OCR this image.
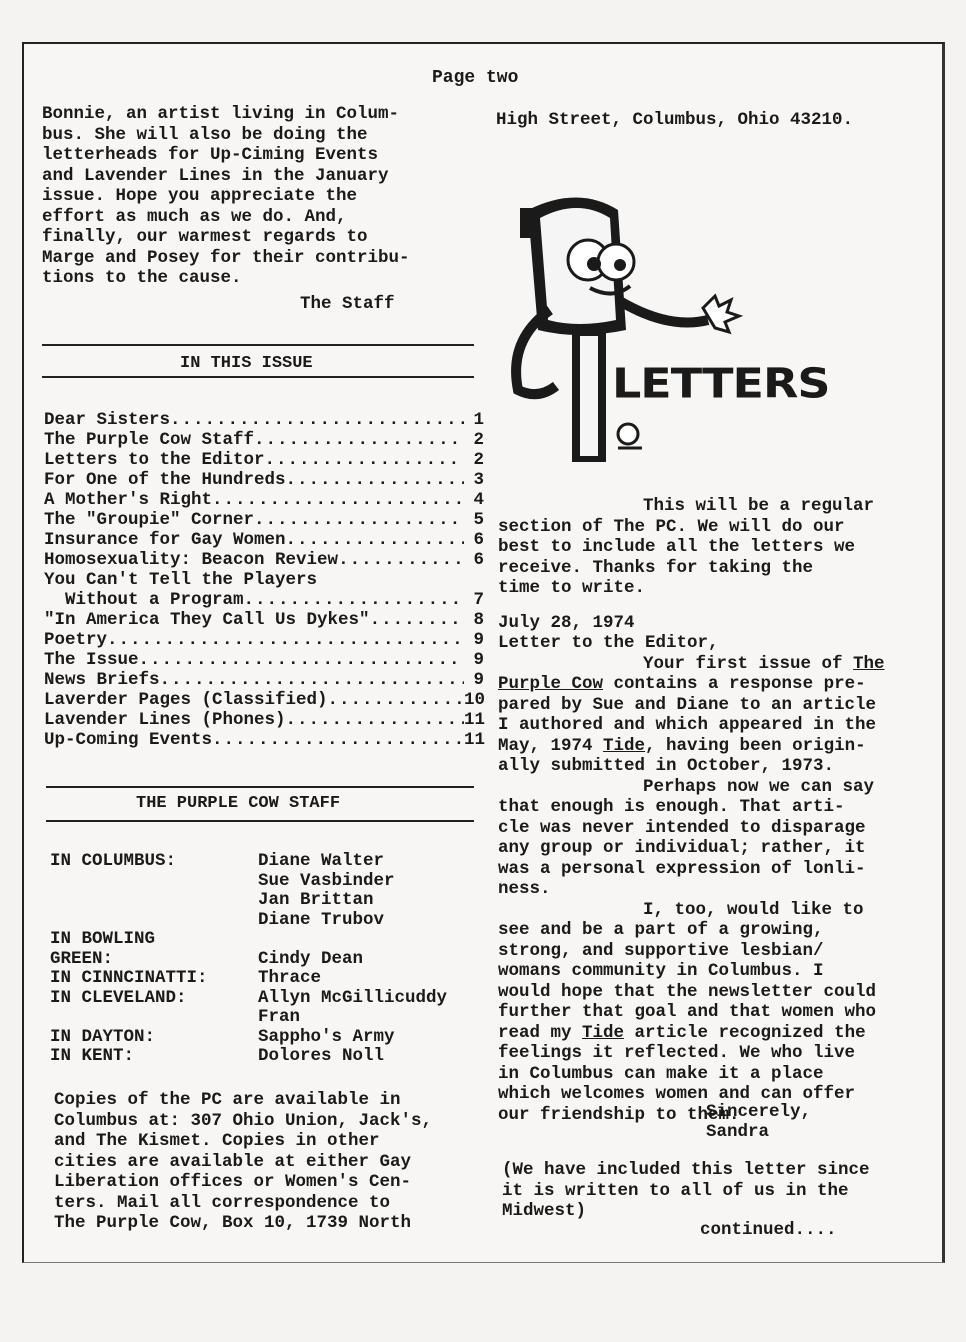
Page two

Bonnie, an artist living in Colum-
bus. She will also be doing the
letterheads for Up-Ciming Events
and Lavender Lines in the January
issue. Hope you appreciate the
effort as much as we do. And,
finally, our warmest regards to
Marge and Posey for their contribu-
tions to the cause.

The Staff
IN THIS ISSUE
Dear Sisters .....	1
The Purple Cow Staff .....	2
Letters to the Editor .....	2
For One of the Hundreds .....	3
A Mother's Right .....	4
The "Groupie" Corner .....	5
Insurance for Gay Women .....	6
Homosexuality: Beacon Review .....	6
You Can't Tell the Players
Without a Program .....	7
"In America They Call Us Dykes" .....	8
Poetry .....	9
The Issue .....	9
News Briefs .....	9
Laverder Pages (Classified) .....	10
Lavender Lines (Phones) .....	11
Up-Coming Events .....	11
THE PURPLE COW STAFF
IN COLUMBUS:	Diane Walter
Sue Vasbinder
Jan Brittan
Diane Trubov
IN BOWLING
GREEN:	
Cindy Dean
IN CINNCINATTI:	Thrace
IN CLEVELAND:	Allyn McGillicuddy
Fran
IN DAYTON:	Sappho's Army
IN KENT:	Dolores Noll

Copies of the PC are available in
Columbus at: 307 Ohio Union, Jack's,
and The Kismet. Copies in other
cities are available at either Gay
Liberation offices or Women's Cen-
ters. Mail all correspondence to
The Purple Cow, Box 10, 1739 North

High Street, Columbus, Ohio 43210.

LETTERS

This will be a regular
section of The PC. We will do our
best to include all the letters we
receive. Thanks for taking the
time to write.

July 28, 1974

Letter to the Editor,

Your first issue of The Purple Cow contains a response pre-
pared by Sue and Diane to an article
I authored and which appeared in the
May, 1974 Tide, having been origin-
ally submitted in October, 1973.

Perhaps now we can say
that enough is enough. That arti-
cle was never intended to disparage
any group or individual; rather, it
was a personal expression of lonli-
ness.

I, too, would like to
see and be a part of a growing,
strong, and supportive lesbian/
womans community in Columbus. I
would hope that the newsletter could
further that goal and that women who
read my Tide article recognized the
feelings it reflected. We who live
in Columbus can make it a place
which welcomes women and can offer
our friendship to them.

Sincerely,
Sandra

(We have included this letter since
it is written to all of us in the
Midwest)

continued....
